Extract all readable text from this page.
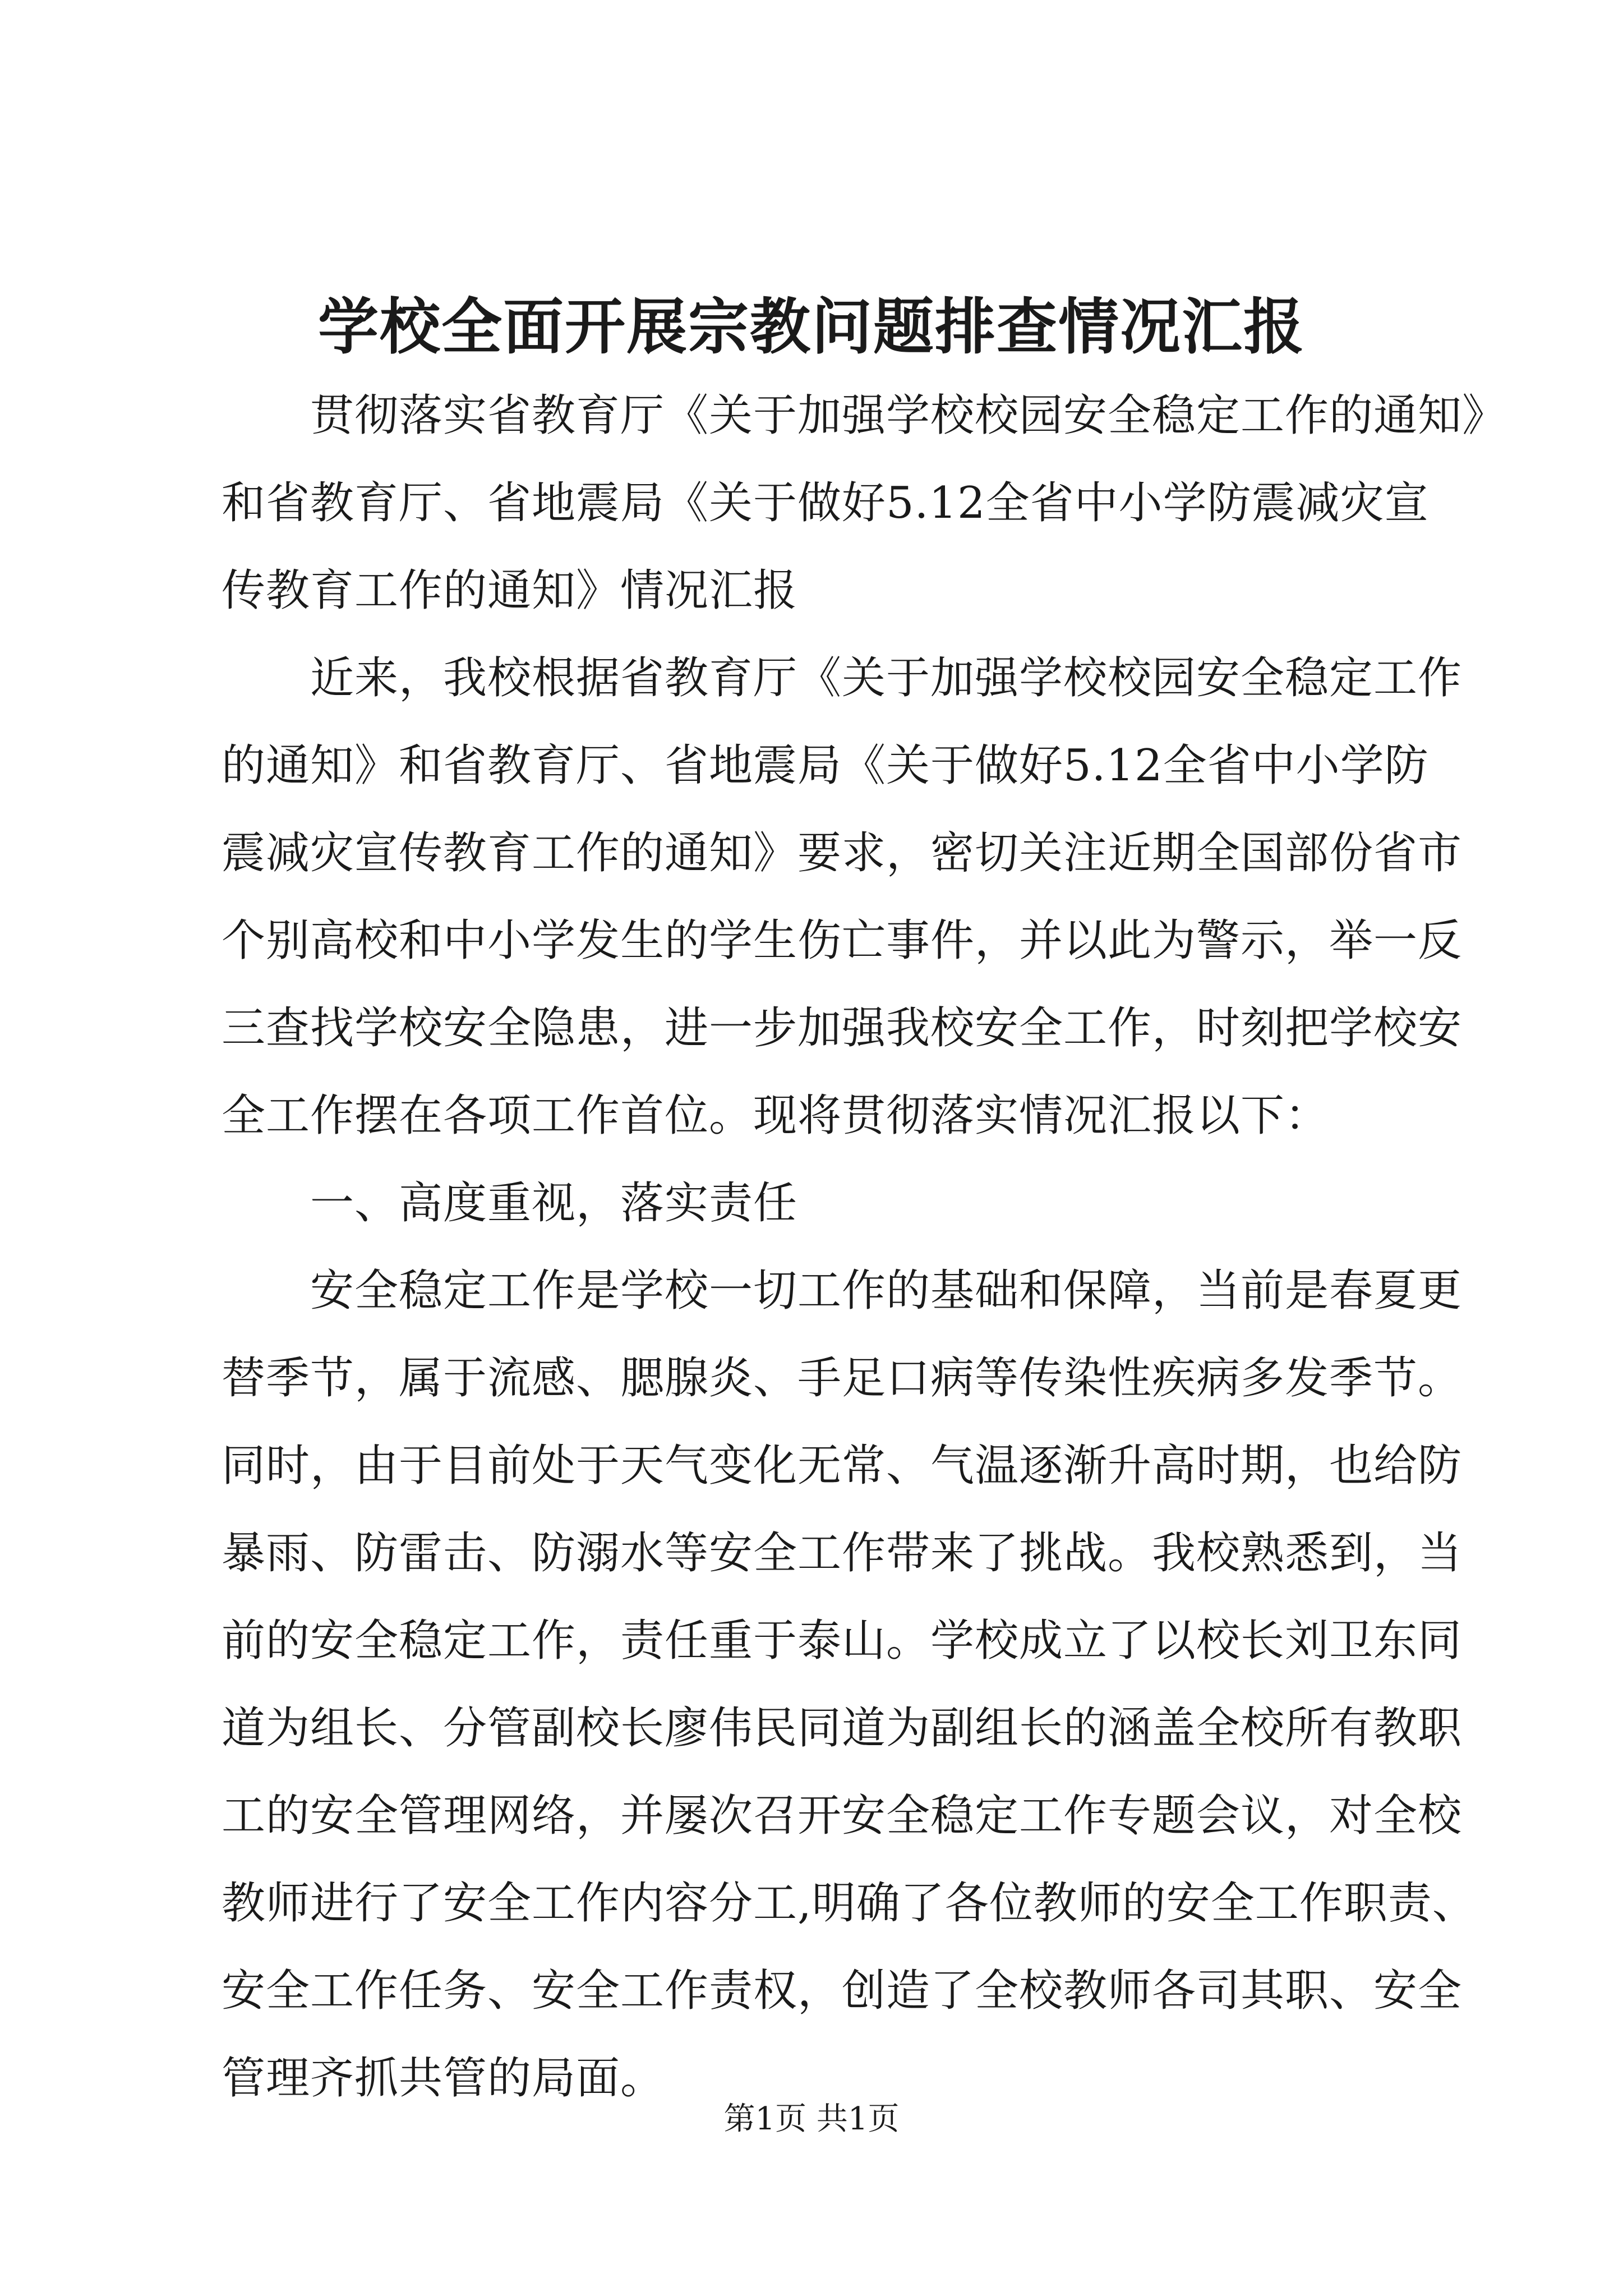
学校全面开展宗教问题排查情况汇报
贯彻落实省教育厅《关于加强学校校园安全稳定工作的通知》
和省教育厅、省地震局《关于做好5.12全省中小学防震减灾宣
传教育工作的通知》情况汇报
近来，我校根据省教育厅《关于加强学校校园安全稳定工作
的通知》和省教育厅、省地震局《关于做好5.12全省中小学防
震减灾宣传教育工作的通知》要求，密切关注近期全国部份省市
个别高校和中小学发生的学生伤亡事件，并以此为警示，举一反
三查找学校安全隐患，进一步加强我校安全工作，时刻把学校安
全工作摆在各项工作首位。现将贯彻落实情况汇报以下：
一、高度重视，落实责任
安全稳定工作是学校一切工作的基础和保障，当前是春夏更
替季节，属于流感、腮腺炎、手足口病等传染性疾病多发季节。
同时，由于目前处于天气变化无常、气温逐渐升高时期，也给防
暴雨、防雷击、防溺水等安全工作带来了挑战。我校熟悉到，当
前的安全稳定工作，责任重于泰山。学校成立了以校长刘卫东同
道为组长、分管副校长廖伟民同道为副组长的涵盖全校所有教职
工的安全管理网络，并屡次召开安全稳定工作专题会议，对全校
教师进行了安全工作内容分工,明确了各位教师的安全工作职责、
安全工作任务、安全工作责权，创造了全校教师各司其职、安全
管理齐抓共管的局面。
第1页 共1页
